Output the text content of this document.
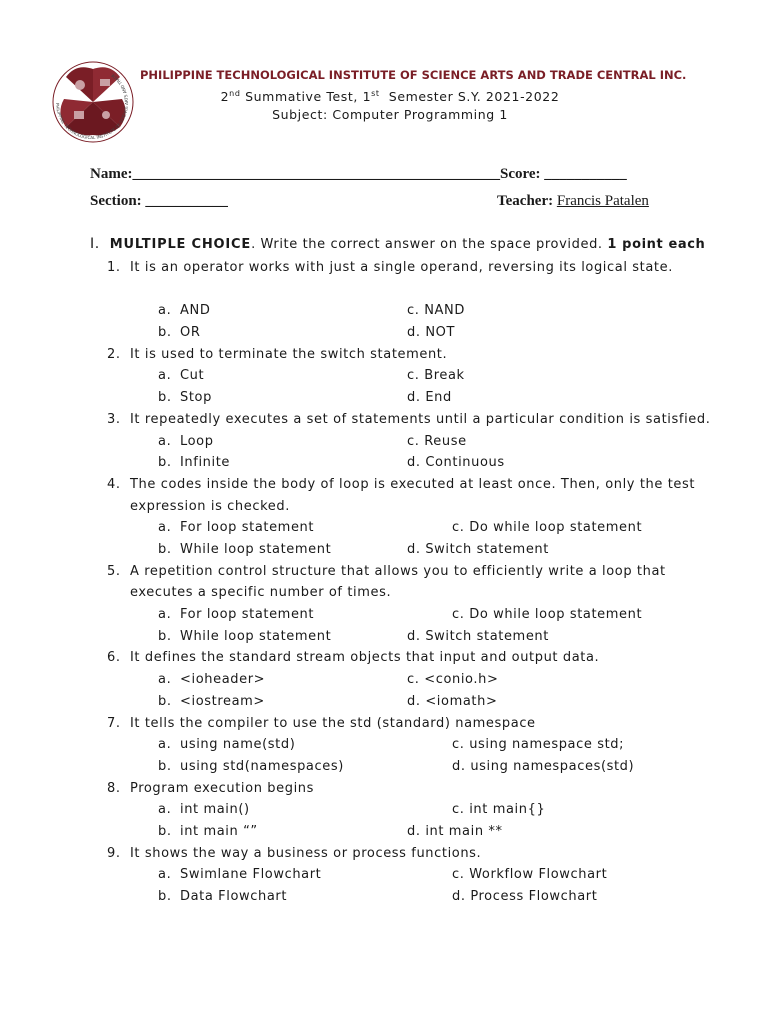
PHILIPPINE TECHNOLOGICAL INSTITUTE OF SCIENCE ARTS AND TRADE	PHILIPPINE TECHNOLOGICAL INSTITUTE OF SCIENCE ARTS AND TRADE CENTRAL INC.
2nd Summative Test, 1st  Semester S.Y. 2021-2022
Subject: Computer Programming 1
Name:_________________________________________________ Score: ___________
Section: ___________	Teacher: Francis Patalen
I. MULTIPLE CHOICE. Write the correct answer on the space provided. 1 point each
1. It is an operator works with just a single operand, reversing its logical state.
a. AND	c. NAND
b. OR	d. NOT
2. It is used to terminate the switch statement.
a. Cut	c. Break
b. Stop	d. End
3. It repeatedly executes a set of statements until a particular condition is satisfied.
a. Loop	c. Reuse
b. Infinite	d. Continuous
4. The codes inside the body of loop is executed at least once. Then, only the test expression is checked.
a. For loop statement	c. Do while loop statement
b. While loop statement	d. Switch statement
5. A repetition control structure that allows you to efficiently write a loop that executes a specific number of times.
a. For loop statement	c. Do while loop statement
b. While loop statement	d. Switch statement
6. It defines the standard stream objects that input and output data.
a. <ioheader>	c. <conio.h>
b. <iostream>	d. <iomath>
7. It tells the compiler to use the std (standard) namespace
a. using name(std)	c. using namespace std;
b. using std(namespaces)	d. using namespaces(std)
8. Program execution begins
a. int main()	c. int main{}
b. int main “”	d. int main **
9. It shows the way a business or process functions.
a. Swimlane Flowchart	c. Workflow Flowchart
b. Data Flowchart	d. Process Flowchart
